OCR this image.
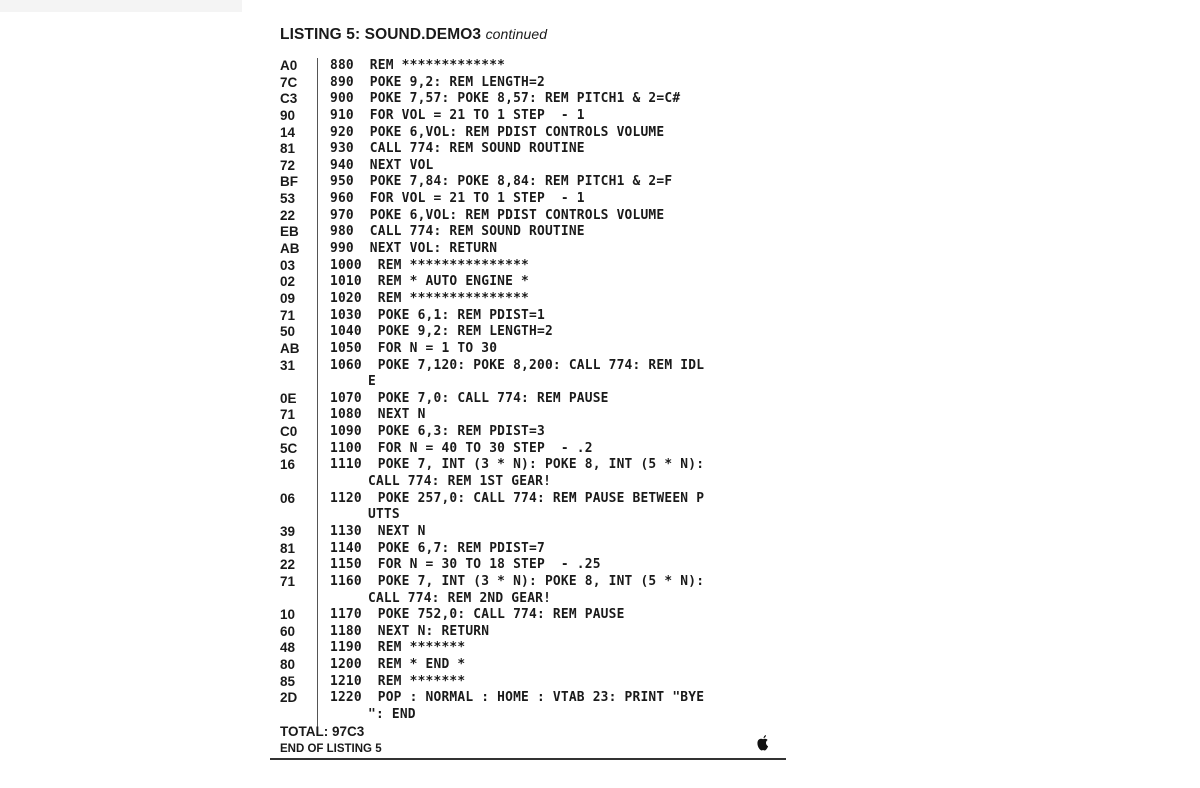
LISTING 5: SOUND.DEMO3 continued
A0	880  REM *************
7C	890  POKE 9,2: REM LENGTH=2
C3	900  POKE 7,57: POKE 8,57: REM PITCH1 & 2=C#
90	910  FOR VOL = 21 TO 1 STEP  - 1
14	920  POKE 6,VOL: REM PDIST CONTROLS VOLUME
81	930  CALL 774: REM SOUND ROUTINE
72	940  NEXT VOL
BF 950  POKE 7,84: POKE 8,84: REM PITCH1 & 2=F
53	960  FOR VOL = 21 TO 1 STEP  - 1
22	970  POKE 6,VOL: REM PDIST CONTROLS VOLUME
EB 980  CALL 774: REM SOUND ROUTINE
AB 990  NEXT VOL: RETURN
03	1000  REM ***************
02	1010  REM * AUTO ENGINE *
09	1020  REM ***************
71	1030  POKE 6,1: REM PDIST=1
50	1040  POKE 9,2: REM LENGTH=2
AB 1050  FOR N = 1 TO 30
31	1060  POKE 7,120: POKE 8,200: CALL 774: REM IDL
E
0E	1070  POKE 7,0: CALL 774: REM PAUSE
71	1080  NEXT N
C0	1090  POKE 6,3: REM PDIST=3
5C	1100  FOR N = 40 TO 30 STEP  - .2
16	1110  POKE 7, INT (3 * N): POKE 8, INT (5 * N):
CALL 774: REM 1ST GEAR!
06	1120  POKE 257,0: CALL 774: REM PAUSE BETWEEN P
UTTS
39	1130  NEXT N
81	1140  POKE 6,7: REM PDIST=7
22	1150  FOR N = 30 TO 18 STEP  - .25
71	1160  POKE 7, INT (3 * N): POKE 8, INT (5 * N):
CALL 774: REM 2ND GEAR!
10	1170  POKE 752,0: CALL 774: REM PAUSE
60	1180  NEXT N: RETURN
48	1190  REM *******
80	1200  REM * END *
85	1210  REM *******
2D	1220  POP : NORMAL : HOME : VTAB 23: PRINT "BYE
": END
TOTAL: 97C3
END OF LISTING 5
